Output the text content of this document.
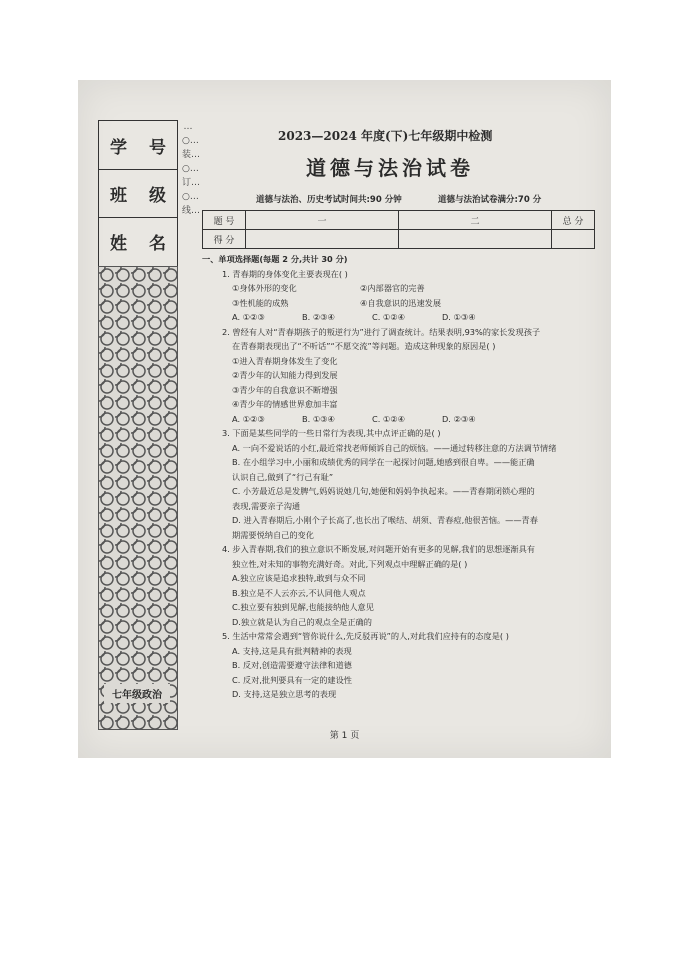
学 号
班 级
姓 名
七年级政治
…○…装…○…订…○…线…
2023—2024 年度(下)七年级期中检测
道德与法治试卷
道德与法治、历史考试时间共:90 分钟	道德与法治试卷满分:70 分
题 号	一	二	总 分
得 分			
一、单项选择题(每题 2 分,共计 30 分)
1. 青春期的身体变化主要表现在( )
①身体外形的变化	②内部器官的完善
③性机能的成熟	④自我意识的迅速发展
A. ①②③	B. ②③④	C. ①②④	D. ①③④
2. 曾经有人对“青春期孩子的叛逆行为”进行了调查统计。结果表明,93%的家长发现孩子
在青春期表现出了“不听话”“不愿交流”等问题。造成这种现象的原因是( )
①进入青春期身体发生了变化
②青少年的认知能力得到发展
③青少年的自我意识不断增强
④青少年的情感世界愈加丰富
A. ①②③	B. ①③④	C. ①②④	D. ②③④
3. 下面是某些同学的一些日常行为表现,其中点评正确的是( )
A. 一向不爱说话的小红,最近常找老师倾诉自己的烦恼。——通过转移注意的方法调节情绪
B. 在小组学习中,小丽和成绩优秀的同学在一起探讨问题,她感到很自卑。——能正确
认识自己,做到了“行己有耻”
C. 小芳最近总是发脾气,妈妈说她几句,她便和妈妈争执起来。——青春期闭锁心理的
表现,需要亲子沟通
D. 进入青春期后,小刚个子长高了,也长出了喉结、胡须、青春痘,他很苦恼。——青春
期需要悦纳自己的变化
4. 步入青春期,我们的独立意识不断发展,对问题开始有更多的见解,我们的思想逐渐具有
独立性,对未知的事物充满好奇。对此,下列观点中理解正确的是( )
A.独立应该是追求独特,敢到与众不同
B.独立是不人云亦云,不认同他人观点
C.独立要有独到见解,也能接纳他人意见
D.独立就是认为自己的观点全是正确的
5. 生活中常常会遇到“管你说什么,先反驳再说”的人,对此我们应持有的态度是( )
A. 支持,这是具有批判精神的表现
B. 反对,创造需要遵守法律和道德
C. 反对,批判要具有一定的建设性
D. 支持,这是独立思考的表现
第 1 页
